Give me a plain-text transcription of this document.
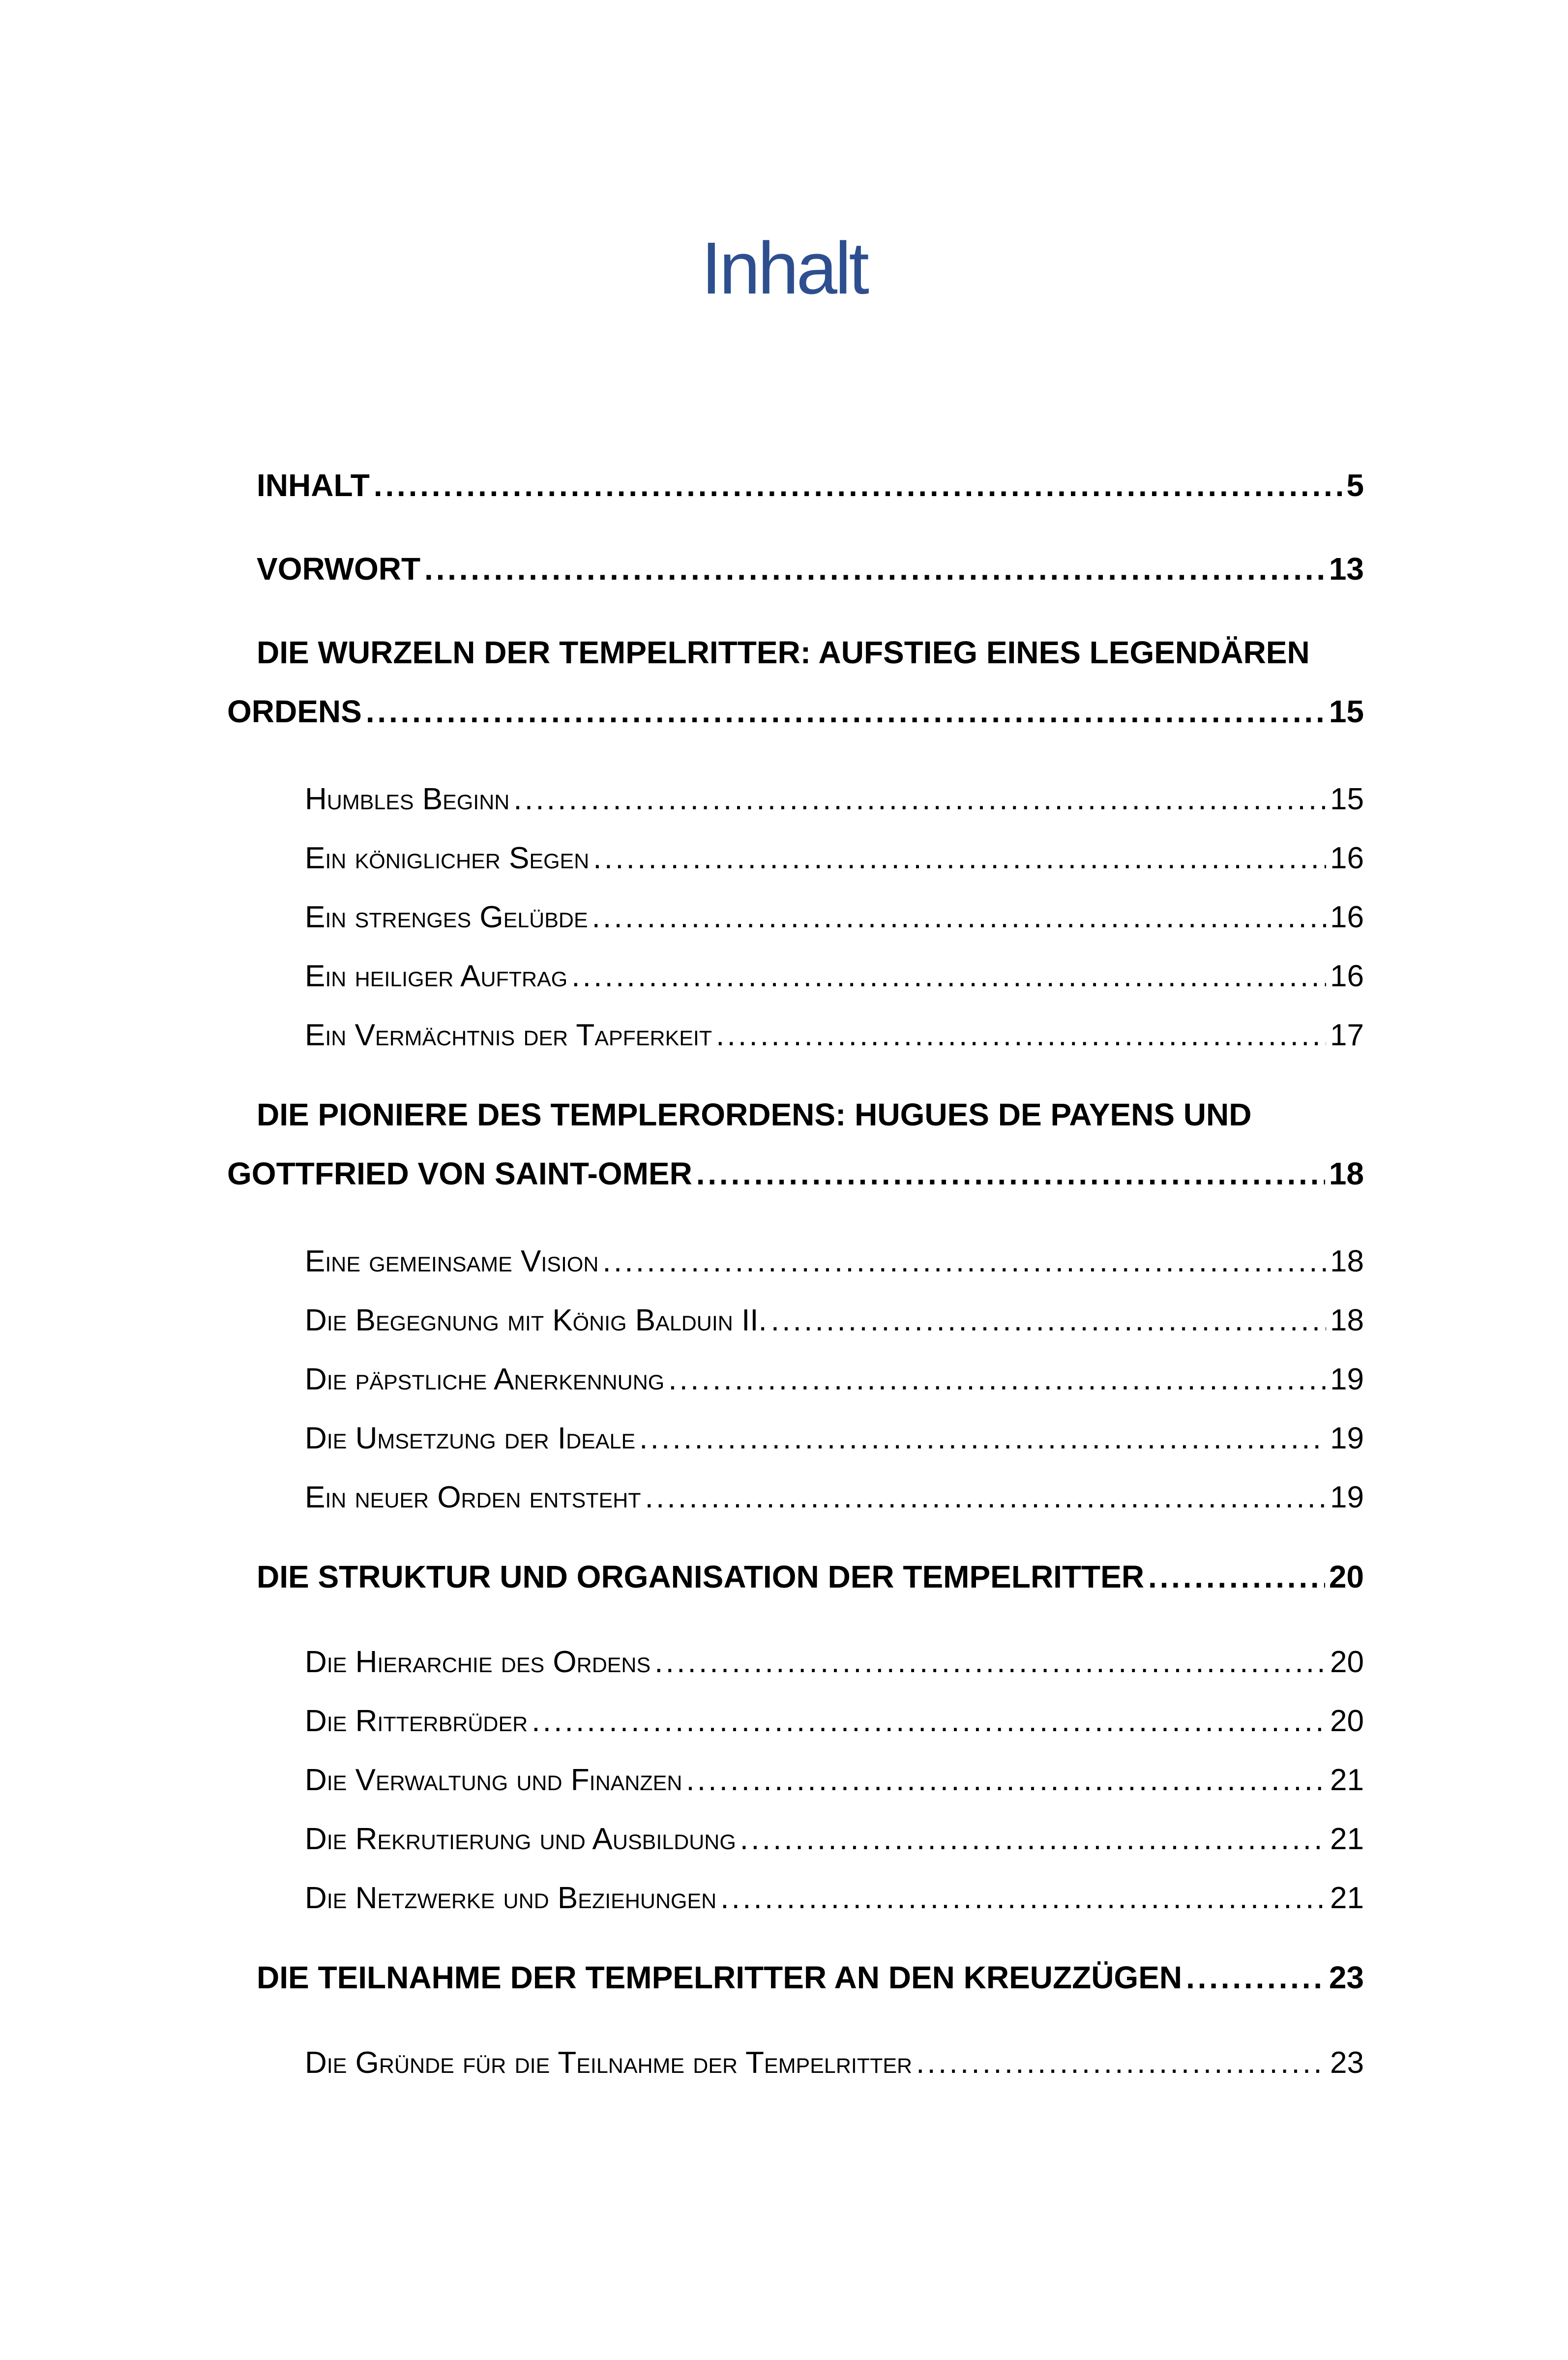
Inhalt
INHALT . . .	5
VORWORT . . .	13
DIE WURZELN DER TEMPELRITTER: AUFSTIEG EINES LEGENDÄREN
ORDENS . . .	15
Humbles Beginn . . .	15
Ein königlicher Segen . . .	16
Ein strenges Gelübde . . .	16
Ein heiliger Auftrag . . .	16
Ein Vermächtnis der Tapferkeit . . .	17
DIE PIONIERE DES TEMPLERORDENS: HUGUES DE PAYENS UND
GOTTFRIED VON SAINT-OMER . . .	18
Eine gemeinsame Vision . . .	18
Die Begegnung mit König Balduin II. . . .	18
Die päpstliche Anerkennung . . .	19
Die Umsetzung der Ideale . . .	19
Ein neuer Orden entsteht . . .	19
DIE STRUKTUR UND ORGANISATION DER TEMPELRITTER . . .	20
Die Hierarchie des Ordens . . .	20
Die Ritterbrüder . . .	20
Die Verwaltung und Finanzen . . .	21
Die Rekrutierung und Ausbildung . . .	21
Die Netzwerke und Beziehungen . . .	21
DIE TEILNAHME DER TEMPELRITTER AN DEN KREUZZÜGEN . . .	23
Die Gründe für die Teilnahme der Tempelritter . . .	23
